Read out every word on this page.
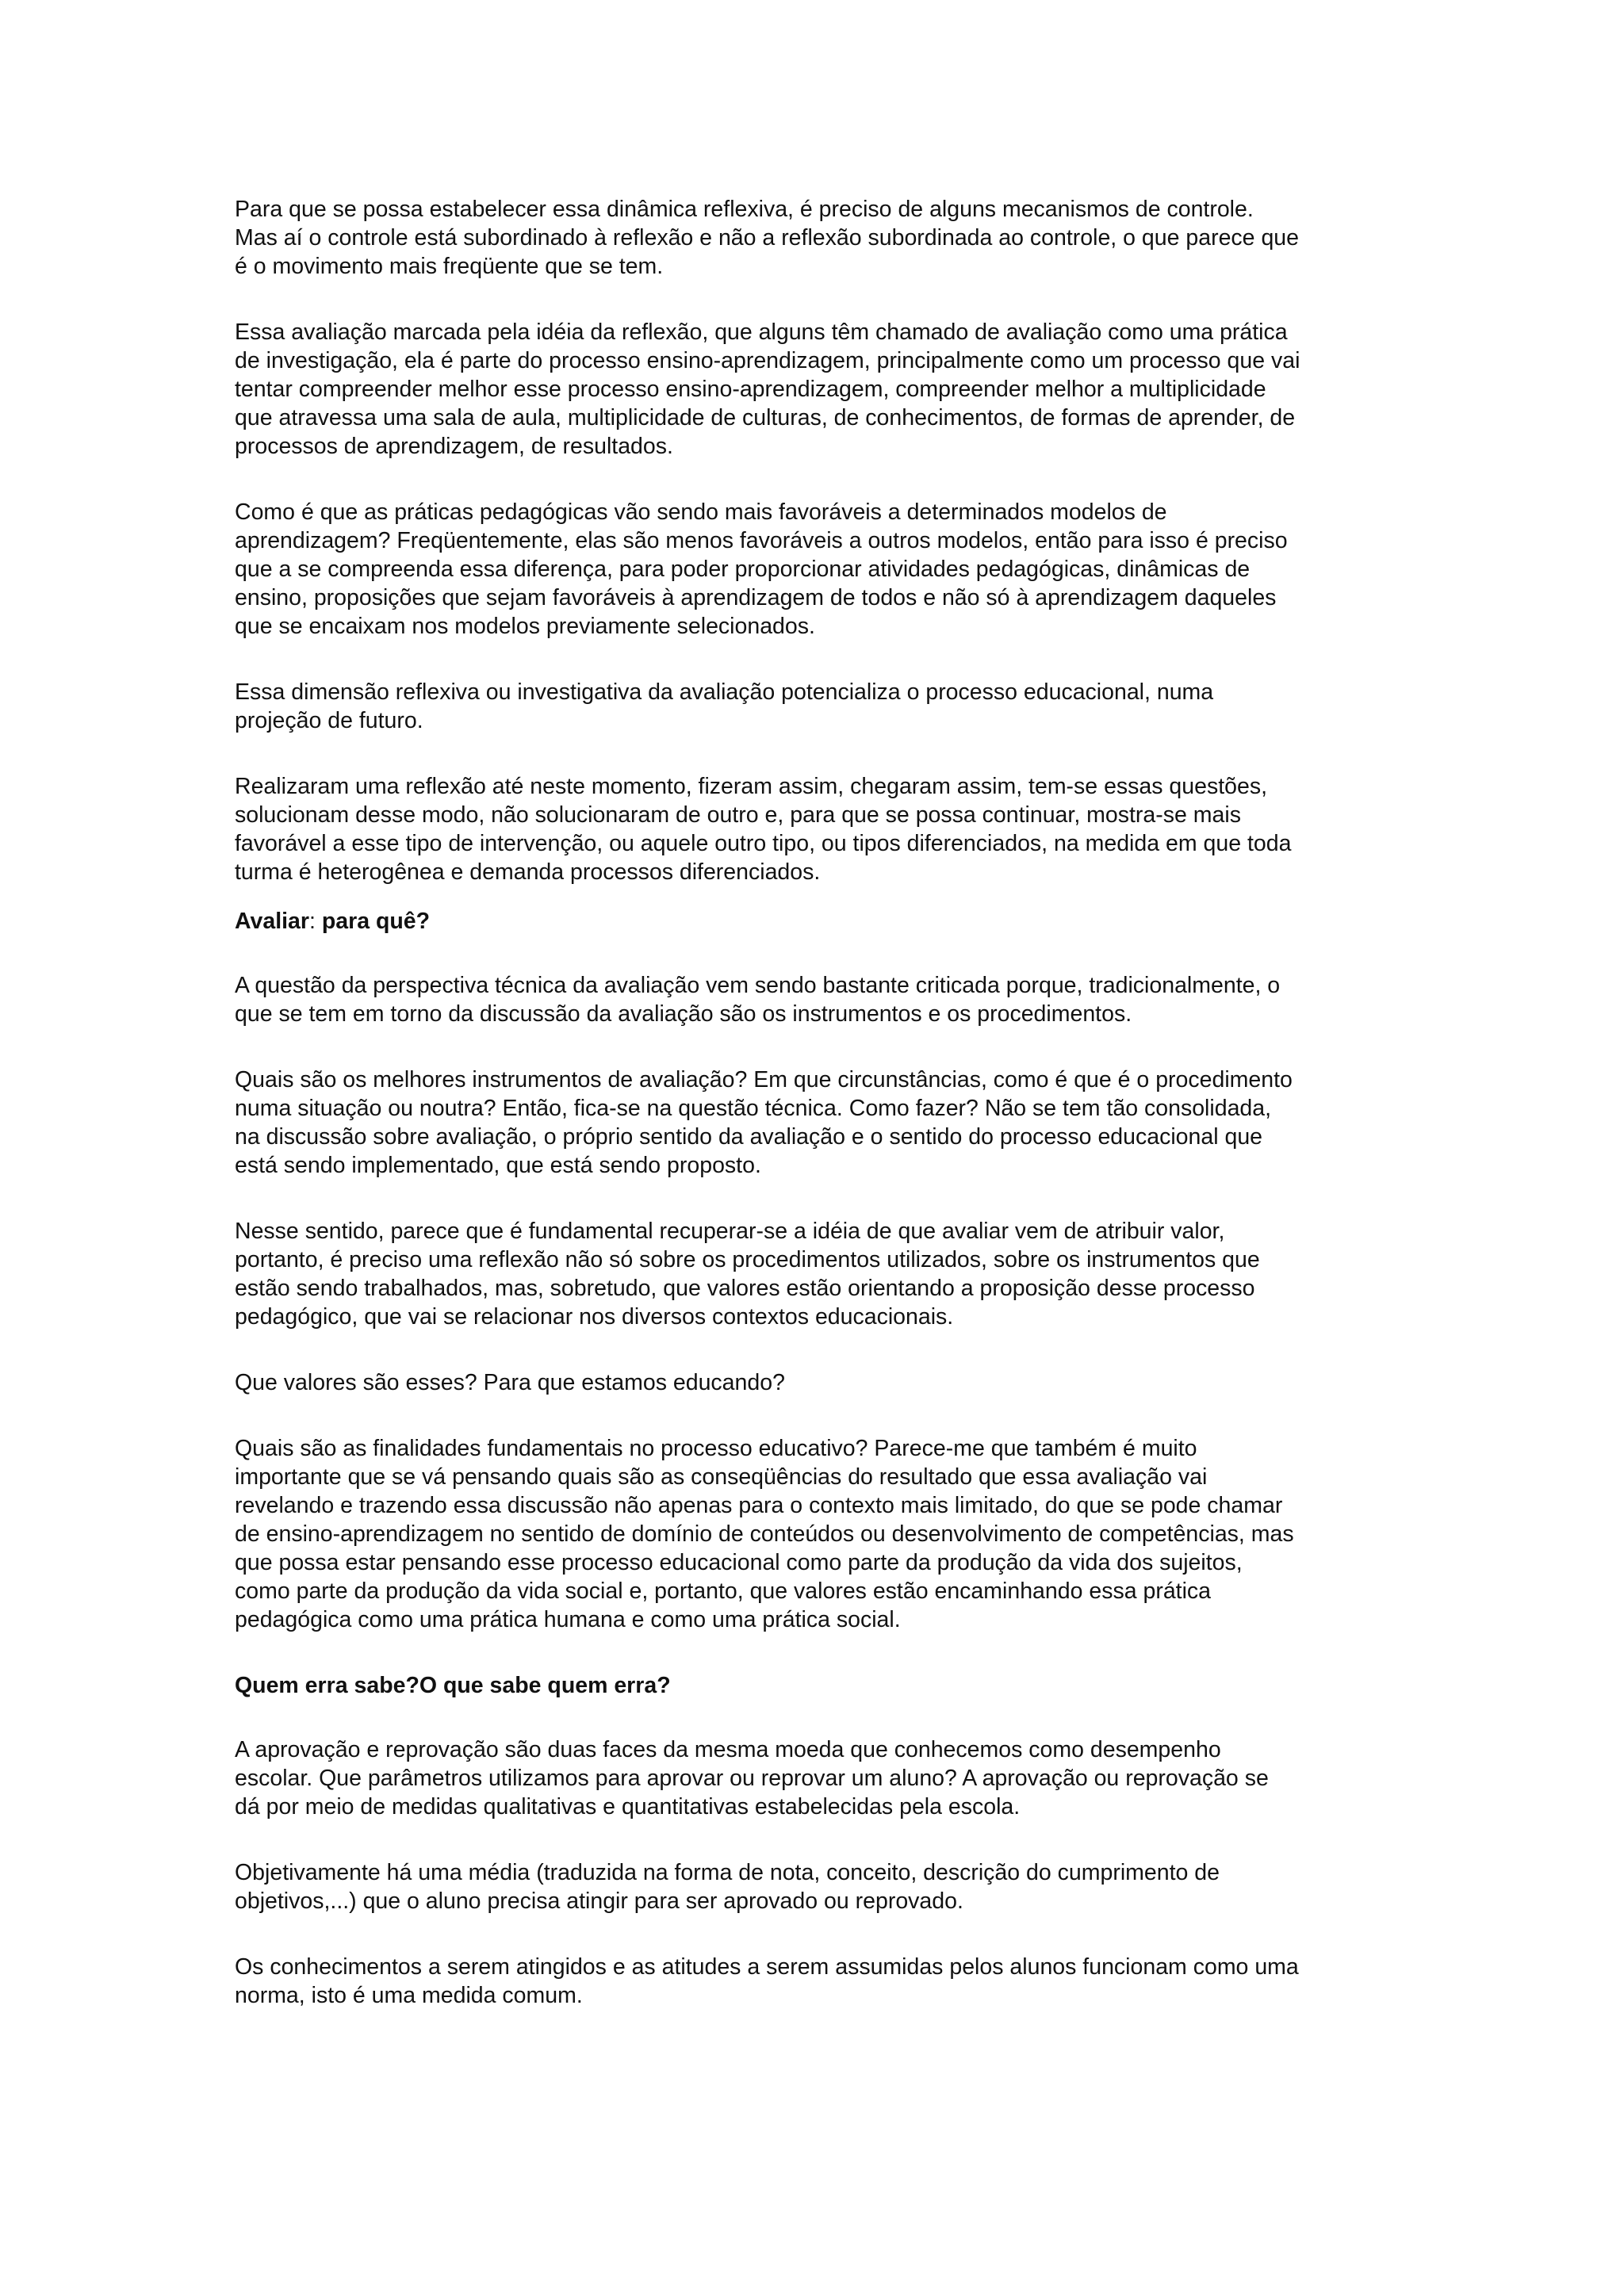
Para que se possa estabelecer essa dinâmica reflexiva, é preciso de alguns mecanismos de controle.
Mas aí o controle está subordinado à reflexão e não a reflexão subordinada ao controle, o que parece que
é o movimento mais freqüente que se tem.

Essa avaliação marcada pela idéia da reflexão, que alguns têm chamado de avaliação como uma prática
de investigação, ela é parte do processo ensino-aprendizagem, principalmente como um processo que vai
tentar compreender melhor esse processo ensino-aprendizagem, compreender melhor a multiplicidade
que atravessa uma sala de aula, multiplicidade de culturas, de conhecimentos, de formas de aprender, de
processos de aprendizagem, de resultados.

Como é que as práticas pedagógicas vão sendo mais favoráveis a determinados modelos de
aprendizagem? Freqüentemente, elas são menos favoráveis a outros modelos, então para isso é preciso
que a se compreenda essa diferença, para poder proporcionar atividades pedagógicas, dinâmicas de
ensino, proposições que sejam favoráveis à aprendizagem de todos e não só à aprendizagem daqueles
que se encaixam nos modelos previamente selecionados.

Essa dimensão reflexiva ou investigativa da avaliação potencializa o processo educacional, numa
projeção de futuro.

Realizaram uma reflexão até neste momento, fizeram assim, chegaram assim, tem-se essas questões,
solucionam desse modo, não solucionaram de outro e, para que se possa continuar, mostra-se mais
favorável a esse tipo de intervenção, ou aquele outro tipo, ou tipos diferenciados, na medida em que toda
turma é heterogênea e demanda processos diferenciados.

Avaliar: para quê?

A questão da perspectiva técnica da avaliação vem sendo bastante criticada porque, tradicionalmente, o
que se tem em torno da discussão da avaliação são os instrumentos e os procedimentos.

Quais são os melhores instrumentos de avaliação? Em que circunstâncias, como é que é o procedimento
numa situação ou noutra? Então, fica-se na questão técnica. Como fazer? Não se tem tão consolidada,
na discussão sobre avaliação, o próprio sentido da avaliação e o sentido do processo educacional que
está sendo implementado, que está sendo proposto.

Nesse sentido, parece que é fundamental recuperar-se a idéia de que avaliar vem de atribuir valor,
portanto, é preciso uma reflexão não só sobre os procedimentos utilizados, sobre os instrumentos que
estão sendo trabalhados, mas, sobretudo, que valores estão orientando a proposição desse processo
pedagógico, que vai se relacionar nos diversos contextos educacionais.

Que valores são esses? Para que estamos educando?

Quais são as finalidades fundamentais no processo educativo? Parece-me que também é muito
importante que se vá pensando quais são as conseqüências do resultado que essa avaliação vai
revelando e trazendo essa discussão não apenas para o contexto mais limitado, do que se pode chamar
de ensino-aprendizagem no sentido de domínio de conteúdos ou desenvolvimento de competências, mas
que possa estar pensando esse processo educacional como parte da produção da vida dos sujeitos,
como parte da produção da vida social e, portanto, que valores estão encaminhando essa prática
pedagógica como uma prática humana e como uma prática social.

Quem erra sabe?O que sabe quem erra?

A aprovação e reprovação são duas faces da mesma moeda que conhecemos como desempenho
escolar. Que parâmetros utilizamos para aprovar ou reprovar um aluno? A aprovação ou reprovação se
dá por meio de medidas qualitativas e quantitativas estabelecidas pela escola.

Objetivamente há uma média (traduzida na forma de nota, conceito, descrição do cumprimento de
objetivos,...) que o aluno precisa atingir para ser aprovado ou reprovado.

Os conhecimentos a serem atingidos e as atitudes a serem assumidas pelos alunos funcionam como uma
norma, isto é uma medida comum.
